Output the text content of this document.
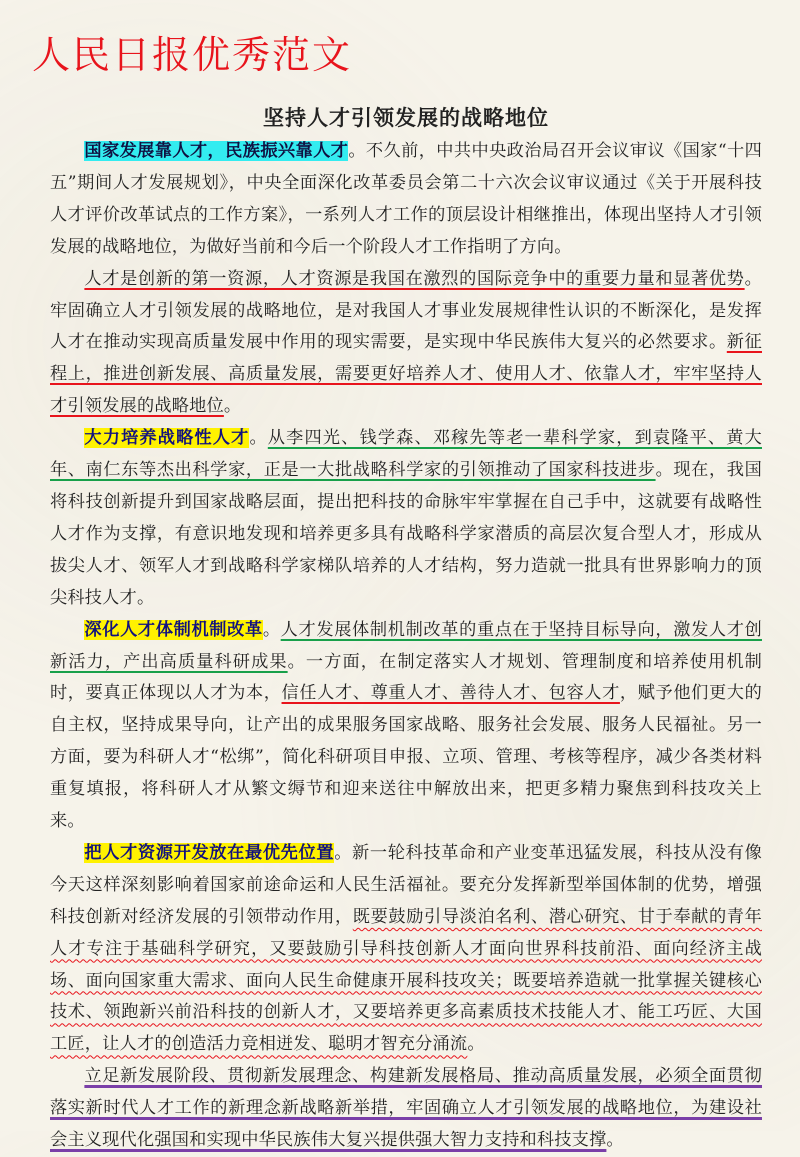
人民日报优秀范文
坚持人才引领发展的战略地位

国家发展靠人才，民族振兴靠人才。不久前，中共中央政治局召开会议审议《国家“十四五”期间人才发展规划》，中央全面深化改革委员会第二十六次会议审议通过《关于开展科技人才评价改革试点的工作方案》，一系列人才工作的顶层设计相继推出，体现出坚持人才引领发展的战略地位，为做好当前和今后一个阶段人才工作指明了方向。

人才是创新的第一资源，人才资源是我国在激烈的国际竞争中的重要力量和显著优势。牢固确立人才引领发展的战略地位，是对我国人才事业发展规律性认识的不断深化，是发挥人才在推动实现高质量发展中作用的现实需要，是实现中华民族伟大复兴的必然要求。新征程上，推进创新发展、高质量发展，需要更好培养人才、使用人才、依靠人才，牢牢坚持人才引领发展的战略地位。

大力培养战略性人才。从李四光、钱学森、邓稼先等老一辈科学家，到袁隆平、黄大年、南仁东等杰出科学家，正是一大批战略科学家的引领推动了国家科技进步。现在，我国将科技创新提升到国家战略层面，提出把科技的命脉牢牢掌握在自己手中，这就要有战略性人才作为支撑，有意识地发现和培养更多具有战略科学家潜质的高层次复合型人才，形成从拔尖人才、领军人才到战略科学家梯队培养的人才结构，努力造就一批具有世界影响力的顶尖科技人才。

深化人才体制机制改革。人才发展体制机制改革的重点在于坚持目标导向，激发人才创新活力，产出高质量科研成果。一方面，在制定落实人才规划、管理制度和培养使用机制时，要真正体现以人才为本，信任人才、尊重人才、善待人才、包容人才，赋予他们更大的自主权，坚持成果导向，让产出的成果服务国家战略、服务社会发展、服务人民福祉。另一方面，要为科研人才“松绑”，简化科研项目申报、立项、管理、考核等程序，减少各类材料重复填报，将科研人才从繁文缛节和迎来送往中解放出来，把更多精力聚焦到科技攻关上来。

把人才资源开发放在最优先位置。新一轮科技革命和产业变革迅猛发展，科技从没有像今天这样深刻影响着国家前途命运和人民生活福祉。要充分发挥新型举国体制的优势，增强科技创新对经济发展的引领带动作用，既要鼓励引导淡泊名利、潜心研究、甘于奉献的青年人才专注于基础科学研究，又要鼓励引导科技创新人才面向世界科技前沿、面向经济主战场、面向国家重大需求、面向人民生命健康开展科技攻关；既要培养造就一批掌握关键核心技术、领跑新兴前沿科技的创新人才，又要培养更多高素质技术技能人才、能工巧匠、大国工匠，让人才的创造活力竞相迸发、聪明才智充分涌流。

立足新发展阶段、贯彻新发展理念、构建新发展格局、推动高质量发展，必须全面贯彻落实新时代人才工作的新理念新战略新举措，牢固确立人才引领发展的战略地位，为建设社会主义现代化强国和实现中华民族伟大复兴提供强大智力支持和科技支撑。
